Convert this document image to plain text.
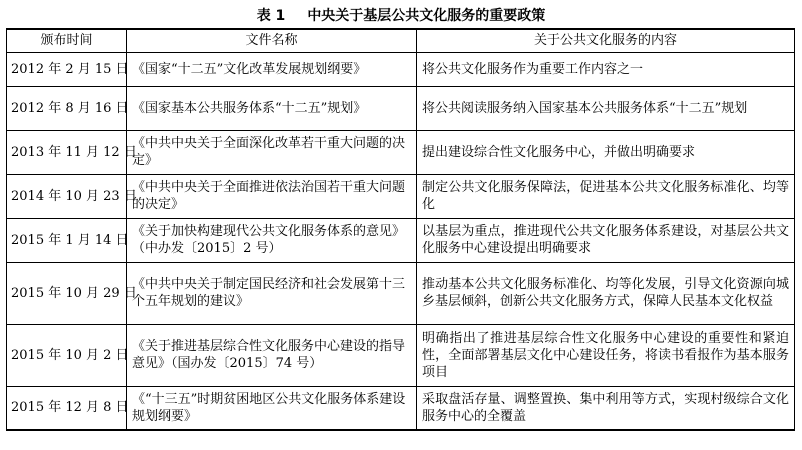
表 1 中央关于基层公共文化服务的重要政策
颁布时间	文件名称	关于公共文化服务的内容
2012 年 2 月 15 日	《国家“十二五”文化改革发展规划纲要》	将公共文化服务作为重要工作内容之一
2012 年 8 月 16 日	《国家基本公共服务体系“十二五”规划》	将公共阅读服务纳入国家基本公共服务体系“十二五”规划
2013 年 11 月 12 日	《中共中央关于全面深化改革若干重大问题的决定》	提出建设综合性文化服务中心，并做出明确要求
2014 年 10 月 23 日	《中共中央关于全面推进依法治国若干重大问题的决定》	制定公共文化服务保障法，促进基本公共文化服务标准化、均等化
2015 年 1 月 14 日	《关于加快构建现代公共文化服务体系的意见》（中办发〔2015〕2 号）	以基层为重点，推进现代公共文化服务体系建设，对基层公共文化服务中心建设提出明确要求
2015 年 10 月 29 日	《中共中央关于制定国民经济和社会发展第十三个五年规划的建议》	推动基本公共文化服务标准化、均等化发展，引导文化资源向城乡基层倾斜，创新公共文化服务方式，保障人民基本文化权益
2015 年 10 月 2 日	《关于推进基层综合性文化服务中心建设的指导意见》（国办发〔2015〕74 号）	明确指出了推进基层综合性文化服务中心建设的重要性和紧迫性，全面部署基层文化中心建设任务，将读书看报作为基本服务项目
2015 年 12 月 8 日	《“十三五”时期贫困地区公共文化服务体系建设规划纲要》	采取盘活存量、调整置换、集中利用等方式，实现村级综合文化服务中心的全覆盖
